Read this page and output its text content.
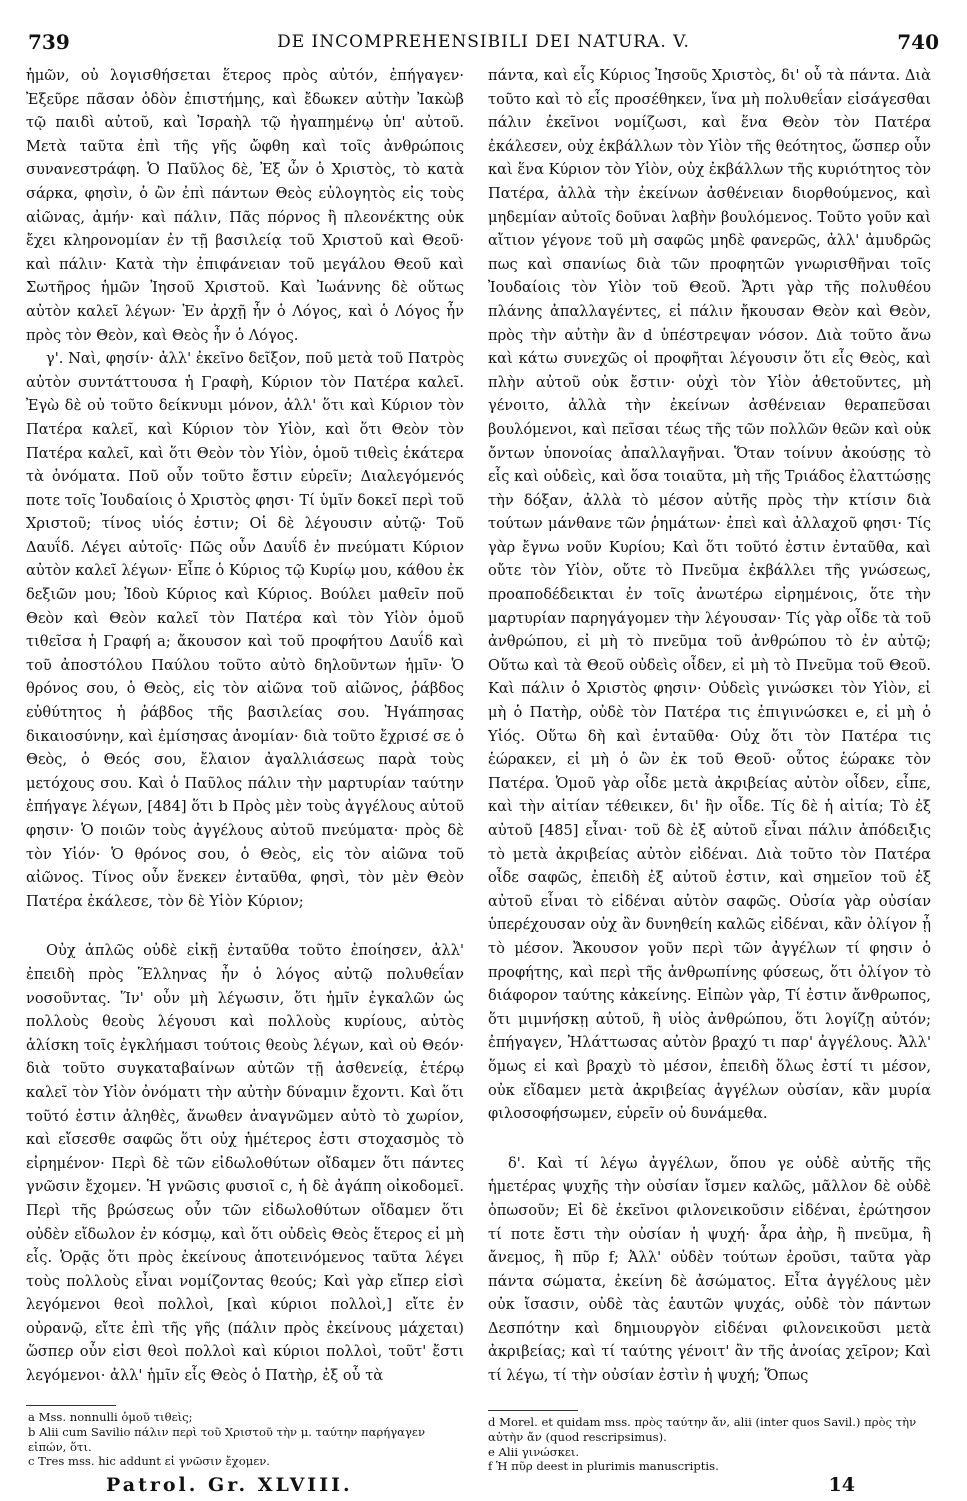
739	DE INCOMPREHENSIBILI DEI NATURA. V.	740

ἡμῶν, οὐ λογισθήσεται ἕτερος πρὸς αὐτόν, ἐπήγαγεν· Ἐξεῦρε πᾶσαν ὁδὸν ἐπιστήμης, καὶ ἔδωκεν αὐτὴν Ἰακὼβ τῷ παιδὶ αὐτοῦ, καὶ Ἰσραὴλ τῷ ἠγαπημένῳ ὑπ' αὐτοῦ. Μετὰ ταῦτα ἐπὶ τῆς γῆς ὤφθη καὶ τοῖς ἀνθρώποις συνανεστράφη. Ὁ Παῦλος δὲ, Ἐξ ὧν ὁ Χριστὸς, τὸ κατὰ σάρκα, φησὶν, ὁ ὢν ἐπὶ πάντων Θεὸς εὐλογητὸς εἰς τοὺς αἰῶνας, ἀμήν· καὶ πάλιν, Πᾶς πόρνος ἢ πλεονέκτης οὐκ ἔχει κληρονομίαν ἐν τῇ βασιλείᾳ τοῦ Χριστοῦ καὶ Θεοῦ· καὶ πάλιν· Κατὰ τὴν ἐπιφάνειαν τοῦ μεγάλου Θεοῦ καὶ Σωτῆρος ἡμῶν Ἰησοῦ Χριστοῦ. Καὶ Ἰωάννης δὲ οὕτως αὐτὸν καλεῖ λέγων· Ἐν ἀρχῇ ἦν ὁ Λόγος, καὶ ὁ Λόγος ἦν πρὸς τὸν Θεὸν, καὶ Θεὸς ἦν ὁ Λόγος.

γ'. Ναὶ, φησίν· ἀλλ' ἐκεῖνο δεῖξον, ποῦ μετὰ τοῦ Πατρὸς αὐτὸν συντάττουσα ἡ Γραφὴ, Κύριον τὸν Πατέρα καλεῖ. Ἐγὼ δὲ οὐ τοῦτο δείκνυμι μόνον, ἀλλ' ὅτι καὶ Κύριον τὸν Πατέρα καλεῖ, καὶ Κύριον τὸν Υἱὸν, καὶ ὅτι Θεὸν τὸν Πατέρα καλεῖ, καὶ ὅτι Θεὸν τὸν Υἱὸν, ὁμοῦ τιθεὶς ἑκάτερα τὰ ὀνόματα. Ποῦ οὖν τοῦτο ἔστιν εὑρεῖν; Διαλεγόμενός ποτε τοῖς Ἰουδαίοις ὁ Χριστὸς φησι· Τί ὑμῖν δοκεῖ περὶ τοῦ Χριστοῦ; τίνος υἱός ἐστιν; Οἱ δὲ λέγουσιν αὐτῷ· Τοῦ Δαυΐδ. Λέγει αὐτοῖς· Πῶς οὖν Δαυΐδ ἐν πνεύματι Κύριον αὐτὸν καλεῖ λέγων· Εἶπε ὁ Κύριος τῷ Κυρίῳ μου, κάθου ἐκ δεξιῶν μου; Ἰδοὺ Κύριος καὶ Κύριος. Βούλει μαθεῖν ποῦ Θεὸν καὶ Θεὸν καλεῖ τὸν Πατέρα καὶ τὸν Υἱὸν ὁμοῦ τιθεῖσα ἡ Γραφή a; ἄκουσον καὶ τοῦ προφήτου Δαυΐδ καὶ τοῦ ἀποστόλου Παύλου τοῦτο αὐτὸ δηλοῦντων ἡμῖν· Ὁ θρόνος σου, ὁ Θεὸς, εἰς τὸν αἰῶνα τοῦ αἰῶνος, ῥάβδος εὐθύτητος ἡ ῥάβδος τῆς βασιλείας σου. Ἠγάπησας δικαιοσύνην, καὶ ἐμίσησας ἀνομίαν· διὰ τοῦτο ἔχρισέ σε ὁ Θεὸς, ὁ Θεός σου, ἔλαιον ἀγαλλιάσεως παρὰ τοὺς μετόχους σου. Καὶ ὁ Παῦλος πάλιν τὴν μαρτυρίαν ταύτην ἐπήγαγε λέγων, [484] ὅτι b Πρὸς μὲν τοὺς ἀγγέλους αὐτοῦ φησιν· Ὁ ποιῶν τοὺς ἀγγέλους αὐτοῦ πνεύματα· πρὸς δὲ τὸν Υἱόν· Ὁ θρόνος σου, ὁ Θεὸς, εἰς τὸν αἰῶνα τοῦ αἰῶνος. Τίνος οὖν ἕνεκεν ἐνταῦθα, φησὶ, τὸν μὲν Θεὸν Πατέρα ἐκάλεσε, τὸν δὲ Υἱὸν Κύριον;

Οὐχ ἁπλῶς οὐδὲ εἰκῇ ἐνταῦθα τοῦτο ἐποίησεν, ἀλλ' ἐπειδὴ πρὸς Ἕλληνας ἦν ὁ λόγος αὐτῷ πολυθεΐαν νοσοῦντας. Ἵν' οὖν μὴ λέγωσιν, ὅτι ἡμῖν ἐγκαλῶν ὡς πολλοὺς θεοὺς λέγουσι καὶ πολλοὺς κυρίους, αὐτὸς ἁλίσκη τοῖς ἐγκλήμασι τούτοις θεοὺς λέγων, καὶ οὐ Θεόν· διὰ τοῦτο συγκαταβαίνων αὐτῶν τῇ ἀσθενείᾳ, ἑτέρῳ καλεῖ τὸν Υἱὸν ὀνόματι τὴν αὐτὴν δύναμιν ἔχοντι. Καὶ ὅτι τοῦτό ἐστιν ἀληθὲς, ἄνωθεν ἀναγνῶμεν αὐτὸ τὸ χωρίον, καὶ εἴσεσθε σαφῶς ὅτι οὐχ ἡμέτερος ἐστι στοχασμὸς τὸ εἰρημένον· Περὶ δὲ τῶν εἰδωλοθύτων οἴδαμεν ὅτι πάντες γνῶσιν ἔχομεν. Ἡ γνῶσις φυσιοῖ c, ἡ δὲ ἀγάπη οἰκοδομεῖ. Περὶ τῆς βρώσεως οὖν τῶν εἰδωλοθύτων οἴδαμεν ὅτι οὐδὲν εἴδωλον ἐν κόσμῳ, καὶ ὅτι οὐδεὶς Θεὸς ἕτερος εἰ μὴ εἷς. Ὁρᾷς ὅτι πρὸς ἐκείνους ἀποτεινόμενος ταῦτα λέγει τοὺς πολλοὺς εἶναι νομίζοντας θεούς; Καὶ γὰρ εἴπερ εἰσὶ λεγόμενοι θεοὶ πολλοὶ, [καὶ κύριοι πολλοὶ,] εἴτε ἐν οὐρανῷ, εἴτε ἐπὶ τῆς γῆς (πάλιν πρὸς ἐκείνους μάχεται) ὥσπερ οὖν εἰσι θεοὶ πολλοὶ καὶ κύριοι πολλοὶ, τοῦτ' ἔστι λεγόμενοι· ἀλλ' ἡμῖν εἷς Θεὸς ὁ Πατὴρ, ἐξ οὗ τὰ

πάντα, καὶ εἷς Κύριος Ἰησοῦς Χριστὸς, δι' οὗ τὰ πάντα. Διὰ τοῦτο καὶ τὸ εἷς προσέθηκεν, ἵνα μὴ πολυθεΐαν εἰσάγεσθαι πάλιν ἐκεῖνοι νομίζωσι, καὶ ἕνα Θεὸν τὸν Πατέρα ἐκάλεσεν, οὐχ ἐκβάλλων τὸν Υἱὸν τῆς θεότητος, ὥσπερ οὖν καὶ ἕνα Κύριον τὸν Υἱὸν, οὐχ ἐκβάλλων τῆς κυριότητος τὸν Πατέρα, ἀλλὰ τὴν ἐκείνων ἀσθένειαν διορθούμενος, καὶ μηδεμίαν αὐτοῖς δοῦναι λαβὴν βουλόμενος. Τοῦτο γοῦν καὶ αἴτιον γέγονε τοῦ μὴ σαφῶς μηδὲ φανερῶς, ἀλλ' ἀμυδρῶς πως καὶ σπανίως διὰ τῶν προφητῶν γνωρισθῆναι τοῖς Ἰουδαίοις τὸν Υἱὸν τοῦ Θεοῦ. Ἄρτι γὰρ τῆς πολυθέου πλάνης ἀπαλλαγέντες, εἰ πάλιν ἤκουσαν Θεὸν καὶ Θεὸν, πρὸς τὴν αὐτὴν ἂν d ὑπέστρεψαν νόσον. Διὰ τοῦτο ἄνω καὶ κάτω συνεχῶς οἱ προφῆται λέγουσιν ὅτι εἷς Θεὸς, καὶ πλὴν αὐτοῦ οὐκ ἔστιν· οὐχὶ τὸν Υἱὸν ἀθετοῦντες, μὴ γένοιτο, ἀλλὰ τὴν ἐκείνων ἀσθένειαν θεραπεῦσαι βουλόμενοι, καὶ πεῖσαι τέως τῆς τῶν πολλῶν θεῶν καὶ οὐκ ὄντων ὑπονοίας ἀπαλλαγῆναι. Ὅταν τοίνυν ἀκούσῃς τὸ εἷς καὶ οὐδεὶς, καὶ ὅσα τοιαῦτα, μὴ τῆς Τριάδος ἐλαττώσῃς τὴν δόξαν, ἀλλὰ τὸ μέσον αὐτῆς πρὸς τὴν κτίσιν διὰ τούτων μάνθανε τῶν ῥημάτων· ἐπεὶ καὶ ἀλλαχοῦ φησι· Τίς γὰρ ἔγνω νοῦν Κυρίου; Καὶ ὅτι τοῦτό ἐστιν ἐνταῦθα, καὶ οὔτε τὸν Υἱὸν, οὔτε τὸ Πνεῦμα ἐκβάλλει τῆς γνώσεως, προαποδέδεικται ἐν τοῖς ἀνωτέρω εἰρημένοις, ὅτε τὴν μαρτυρίαν παρηγάγομεν τὴν λέγουσαν· Τίς γὰρ οἶδε τὰ τοῦ ἀνθρώπου, εἰ μὴ τὸ πνεῦμα τοῦ ἀνθρώπου τὸ ἐν αὐτῷ; Οὕτω καὶ τὰ Θεοῦ οὐδεὶς οἶδεν, εἰ μὴ τὸ Πνεῦμα τοῦ Θεοῦ. Καὶ πάλιν ὁ Χριστὸς φησιν· Οὐδεὶς γινώσκει τὸν Υἱὸν, εἰ μὴ ὁ Πατὴρ, οὐδὲ τὸν Πατέρα τις ἐπιγινώσκει e, εἰ μὴ ὁ Υἱός. Οὕτω δὴ καὶ ἐνταῦθα· Οὐχ ὅτι τὸν Πατέρα τις ἑώρακεν, εἰ μὴ ὁ ὢν ἐκ τοῦ Θεοῦ· οὗτος ἑώρακε τὸν Πατέρα. Ὁμοῦ γὰρ οἶδε μετὰ ἀκριβείας αὐτὸν οἶδεν, εἶπε, καὶ τὴν αἰτίαν τέθεικεν, δι' ἣν οἶδε. Τίς δὲ ἡ αἰτία; Τὸ ἐξ αὐτοῦ [485] εἶναι· τοῦ δὲ ἐξ αὐτοῦ εἶναι πάλιν ἀπόδειξις τὸ μετὰ ἀκριβείας αὐτὸν εἰδέναι. Διὰ τοῦτο τὸν Πατέρα οἶδε σαφῶς, ἐπειδὴ ἐξ αὐτοῦ ἐστιν, καὶ σημεῖον τοῦ ἐξ αὐτοῦ εἶναι τὸ εἰδέναι αὐτὸν σαφῶς. Οὐσία γὰρ οὐσίαν ὑπερέχουσαν οὐχ ἂν δυνηθείη καλῶς εἰδέναι, κἂν ὀλίγον ᾖ τὸ μέσον. Ἄκουσον γοῦν περὶ τῶν ἀγγέλων τί φησιν ὁ προφήτης, καὶ περὶ τῆς ἀνθρωπίνης φύσεως, ὅτι ὀλίγον τὸ διάφορον ταύτης κἀκείνης. Εἰπὼν γὰρ, Τί ἐστιν ἄνθρωπος, ὅτι μιμνήσκῃ αὐτοῦ, ἢ υἱὸς ἀνθρώπου, ὅτι λογίζῃ αὐτόν; ἐπήγαγεν, Ἠλάττωσας αὐτὸν βραχύ τι παρ' ἀγγέλους. Ἀλλ' ὅμως εἰ καὶ βραχὺ τὸ μέσον, ἐπειδὴ ὅλως ἐστί τι μέσον, οὐκ εἴδαμεν μετὰ ἀκριβείας ἀγγέλων οὐσίαν, κἂν μυρία φιλοσοφήσωμεν, εὑρεῖν οὐ δυνάμεθα.

δ'. Καὶ τί λέγω ἀγγέλων, ὅπου γε οὐδὲ αὐτῆς τῆς ἡμετέρας ψυχῆς τὴν οὐσίαν ἴσμεν καλῶς, μᾶλλον δὲ οὐδὲ ὁπωσοῦν; Εἰ δὲ ἐκεῖνοι φιλονεικοῦσιν εἰδέναι, ἐρώτησον τί ποτε ἔστι τὴν οὐσίαν ἡ ψυχή· ἆρα ἀὴρ, ἢ πνεῦμα, ἢ ἄνεμος, ἢ πῦρ f; Ἀλλ' οὐδὲν τούτων ἐροῦσι, ταῦτα γὰρ πάντα σώματα, ἐκείνη δὲ ἀσώματος. Εἶτα ἀγγέλους μὲν οὐκ ἴσασιν, οὐδὲ τὰς ἑαυτῶν ψυχάς, οὐδὲ τὸν πάντων Δεσπότην καὶ δημιουργὸν εἰδέναι φιλονεικοῦσι μετὰ ἀκριβείας; καὶ τί ταύτης γένοιτ' ἂν τῆς ἀνοίας χεῖρον; Καὶ τί λέγω, τί τὴν οὐσίαν ἐστὶν ἡ ψυχή; Ὅπως

a Mss. nonnulli ὁμοῦ τιθεὶς;
b Alii cum Savilio πάλιν περὶ τοῦ Χριστοῦ τὴν μ. ταύτην παρήγαγεν εἰπών, ὅτι.
c Tres mss. hic addunt εἰ γνῶσιν ἔχομεν.
d Morel. et quidam mss. πρὸς ταύτην ἄν, alii (inter quos Savil.) πρὸς τὴν αὐτὴν ἄν (quod rescripsimus).
e Alii γινώσκει.
f Ἡ πῦρ deest in plurimis manuscriptis.
Patrol. Gr. XLVIII.	14
